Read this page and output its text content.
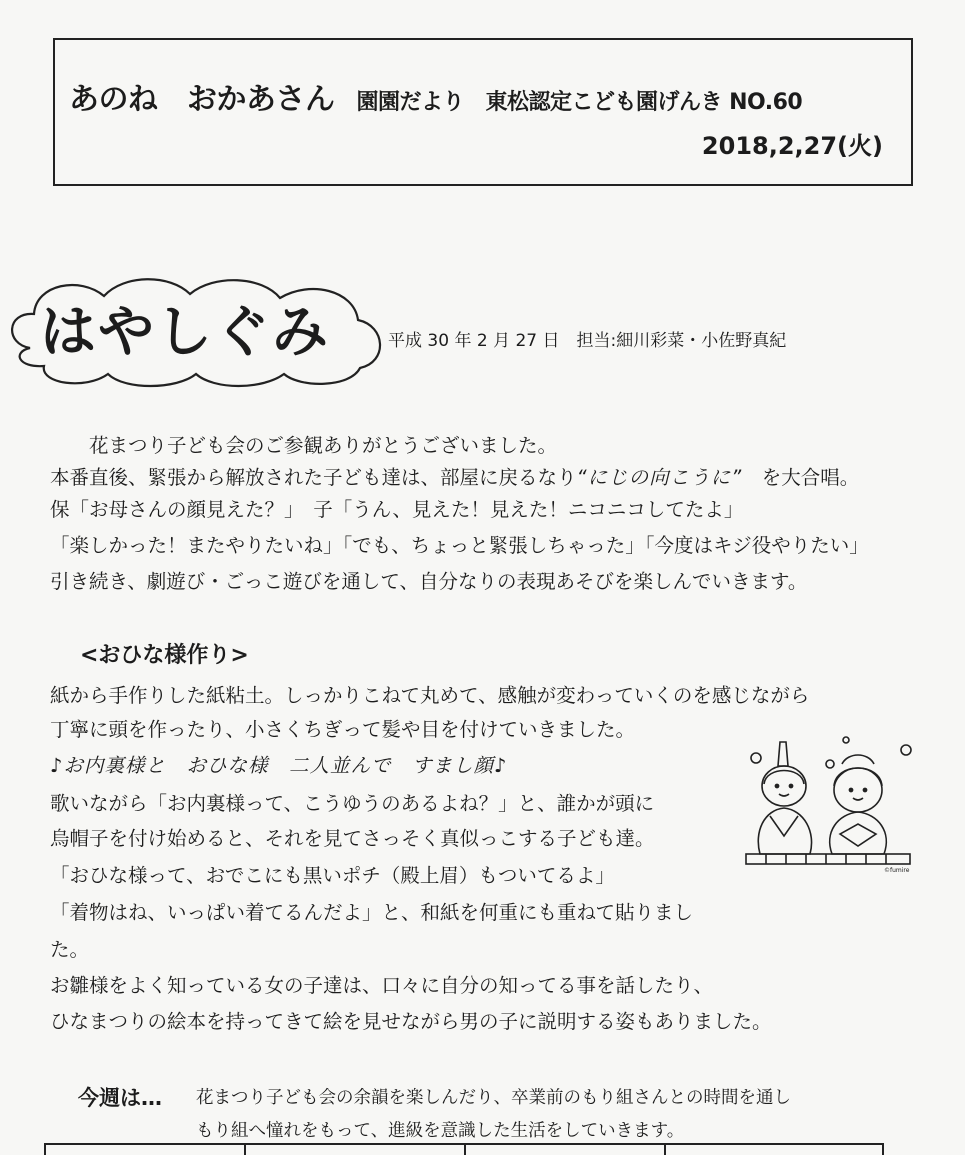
あのね　おかあさん 園園だより　東松認定こども園げんき NO.60
2018,2,27(火)
はやしぐみ	平成 30 年 2 月 27 日　担当:細川彩菜・小佐野真紀
　　花まつり子ども会のご参観ありがとうございました。
本番直後、緊張から解放された子ども達は、部屋に戻るなり“にじの向こうに”　 を大合唱。
保「お母さんの顔見えた？」　子「うん、見えた！見えた！ニコニコしてたよ」
「楽しかった！またやりたいね」「でも、ちょっと緊張しちゃった」「今度はキジ役やりたい」
引き続き、劇遊び・ごっこ遊びを通して、自分なりの表現あそびを楽しんでいきます。
<おひな様作り>
紙から手作りした紙粘土。しっかりこねて丸めて、感触が変わっていくのを感じながら
丁寧に頭を作ったり、小さくちぎって髪や目を付けていきました。
♪お内裏様と　おひな様　二人並んで　すまし顔♪
歌いながら「お内裏様って、こうゆうのあるよね？」と、誰かが頭に
烏帽子を付け始めると、それを見てさっそく真似っこする子ども達。
「おひな様って、おでこにも黒いポチ（殿上眉）もついてるよ」
「着物はね、いっぱい着てるんだよ」と、和紙を何重にも重ねて貼りまし
た。
お雛様をよく知っている女の子達は、口々に自分の知ってる事を話したり、
ひなまつりの絵本を持ってきて絵を見せながら男の子に説明する姿もありました。
©fumire
今週は… 花まつり子ども会の余韻を楽しんだり、卒業前のもり組さんとの時間を通し
もり組へ憧れをもって、進級を意識した生活をしていきます。
